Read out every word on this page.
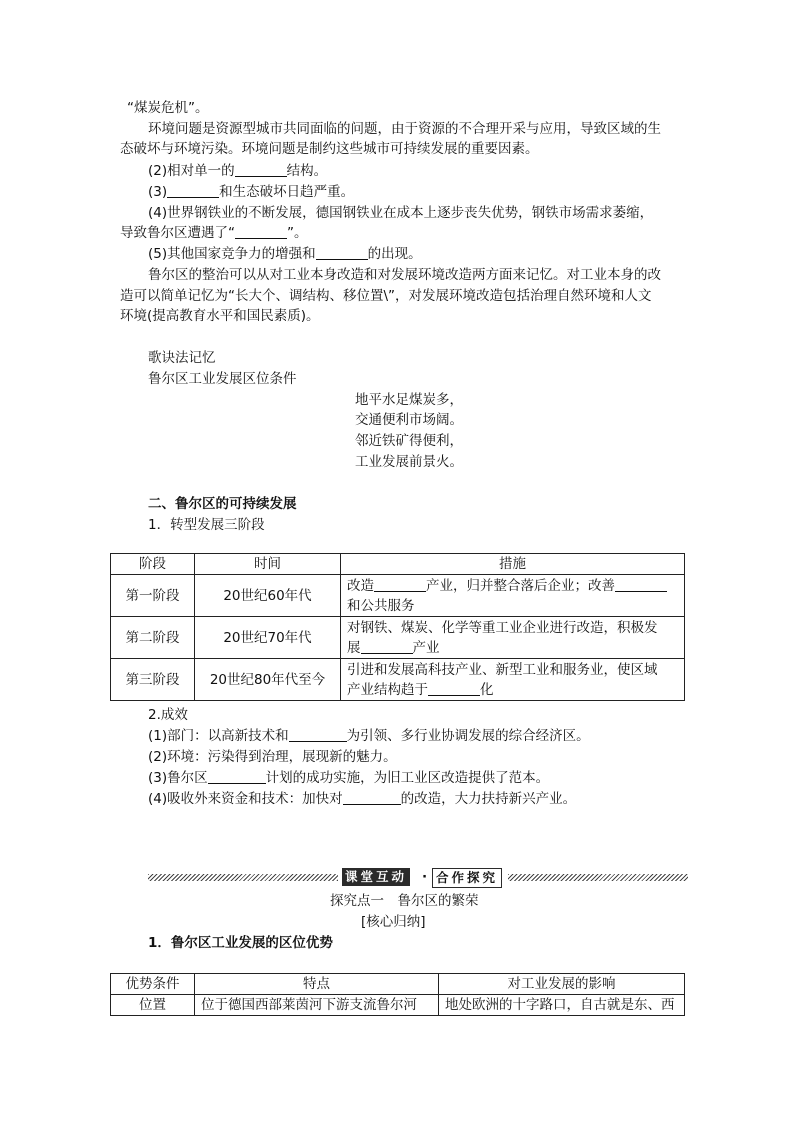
“煤炭危机”。
环境问题是资源型城市共同面临的问题，由于资源的不合理开采与应用，导致区域的生
态破坏与环境污染。环境问题是制约这些城市可持续发展的重要因素。
(2)相对单一的	结构。
(3)	和生态破坏日趋严重。
(4)世界钢铁业的不断发展，德国钢铁业在成本上逐步丧失优势，钢铁市场需求萎缩，
导致鲁尔区遭遇了“	”。
(5)其他国家竞争力的增强和	的出现。
鲁尔区的整治可以从对工业本身改造和对发展环境改造两方面来记忆。对工业本身的改
造可以简单记忆为“长大个、调结构、移位置\”，对发展环境改造包括治理自然环境和人文
环境(提高教育水平和国民素质)。
歌诀法记忆
鲁尔区工业发展区位条件
地平水足煤炭多，
交通便利市场阔。
邻近铁矿得便利，
工业发展前景火。
二、鲁尔区的可持续发展
1．转型发展三阶段
阶段	时间	措施
第一阶段	20世纪60年代	改造 产业，归并整合落后企业；改善
和公共服务
第二阶段	20世纪70年代	对钢铁、煤炭、化学等重工业企业进行改造，积极发
展 产业
第三阶段	20世纪80年代至今	引进和发展高科技产业、新型工业和服务业，使区域
产业结构趋于 化
2.成效
(1)部门：以高新技术和	为引领、多行业协调发展的综合经济区。
(2)环境：污染得到治理，展现新的魅力。
(3)鲁尔区	计划的成功实施，为旧工业区改造提供了范本。
(4)吸收外来资金和技术：加快对	的改造，大力扶持新兴产业。
课堂互动 · 合作探究
探究点一　鲁尔区的繁荣
[核心归纳]
1．鲁尔区工业发展的区位优势
优势条件	特点	对工业发展的影响
位置	位于德国西部莱茵河下游支流鲁尔河	地处欧洲的十字路口，自古就是东、西
